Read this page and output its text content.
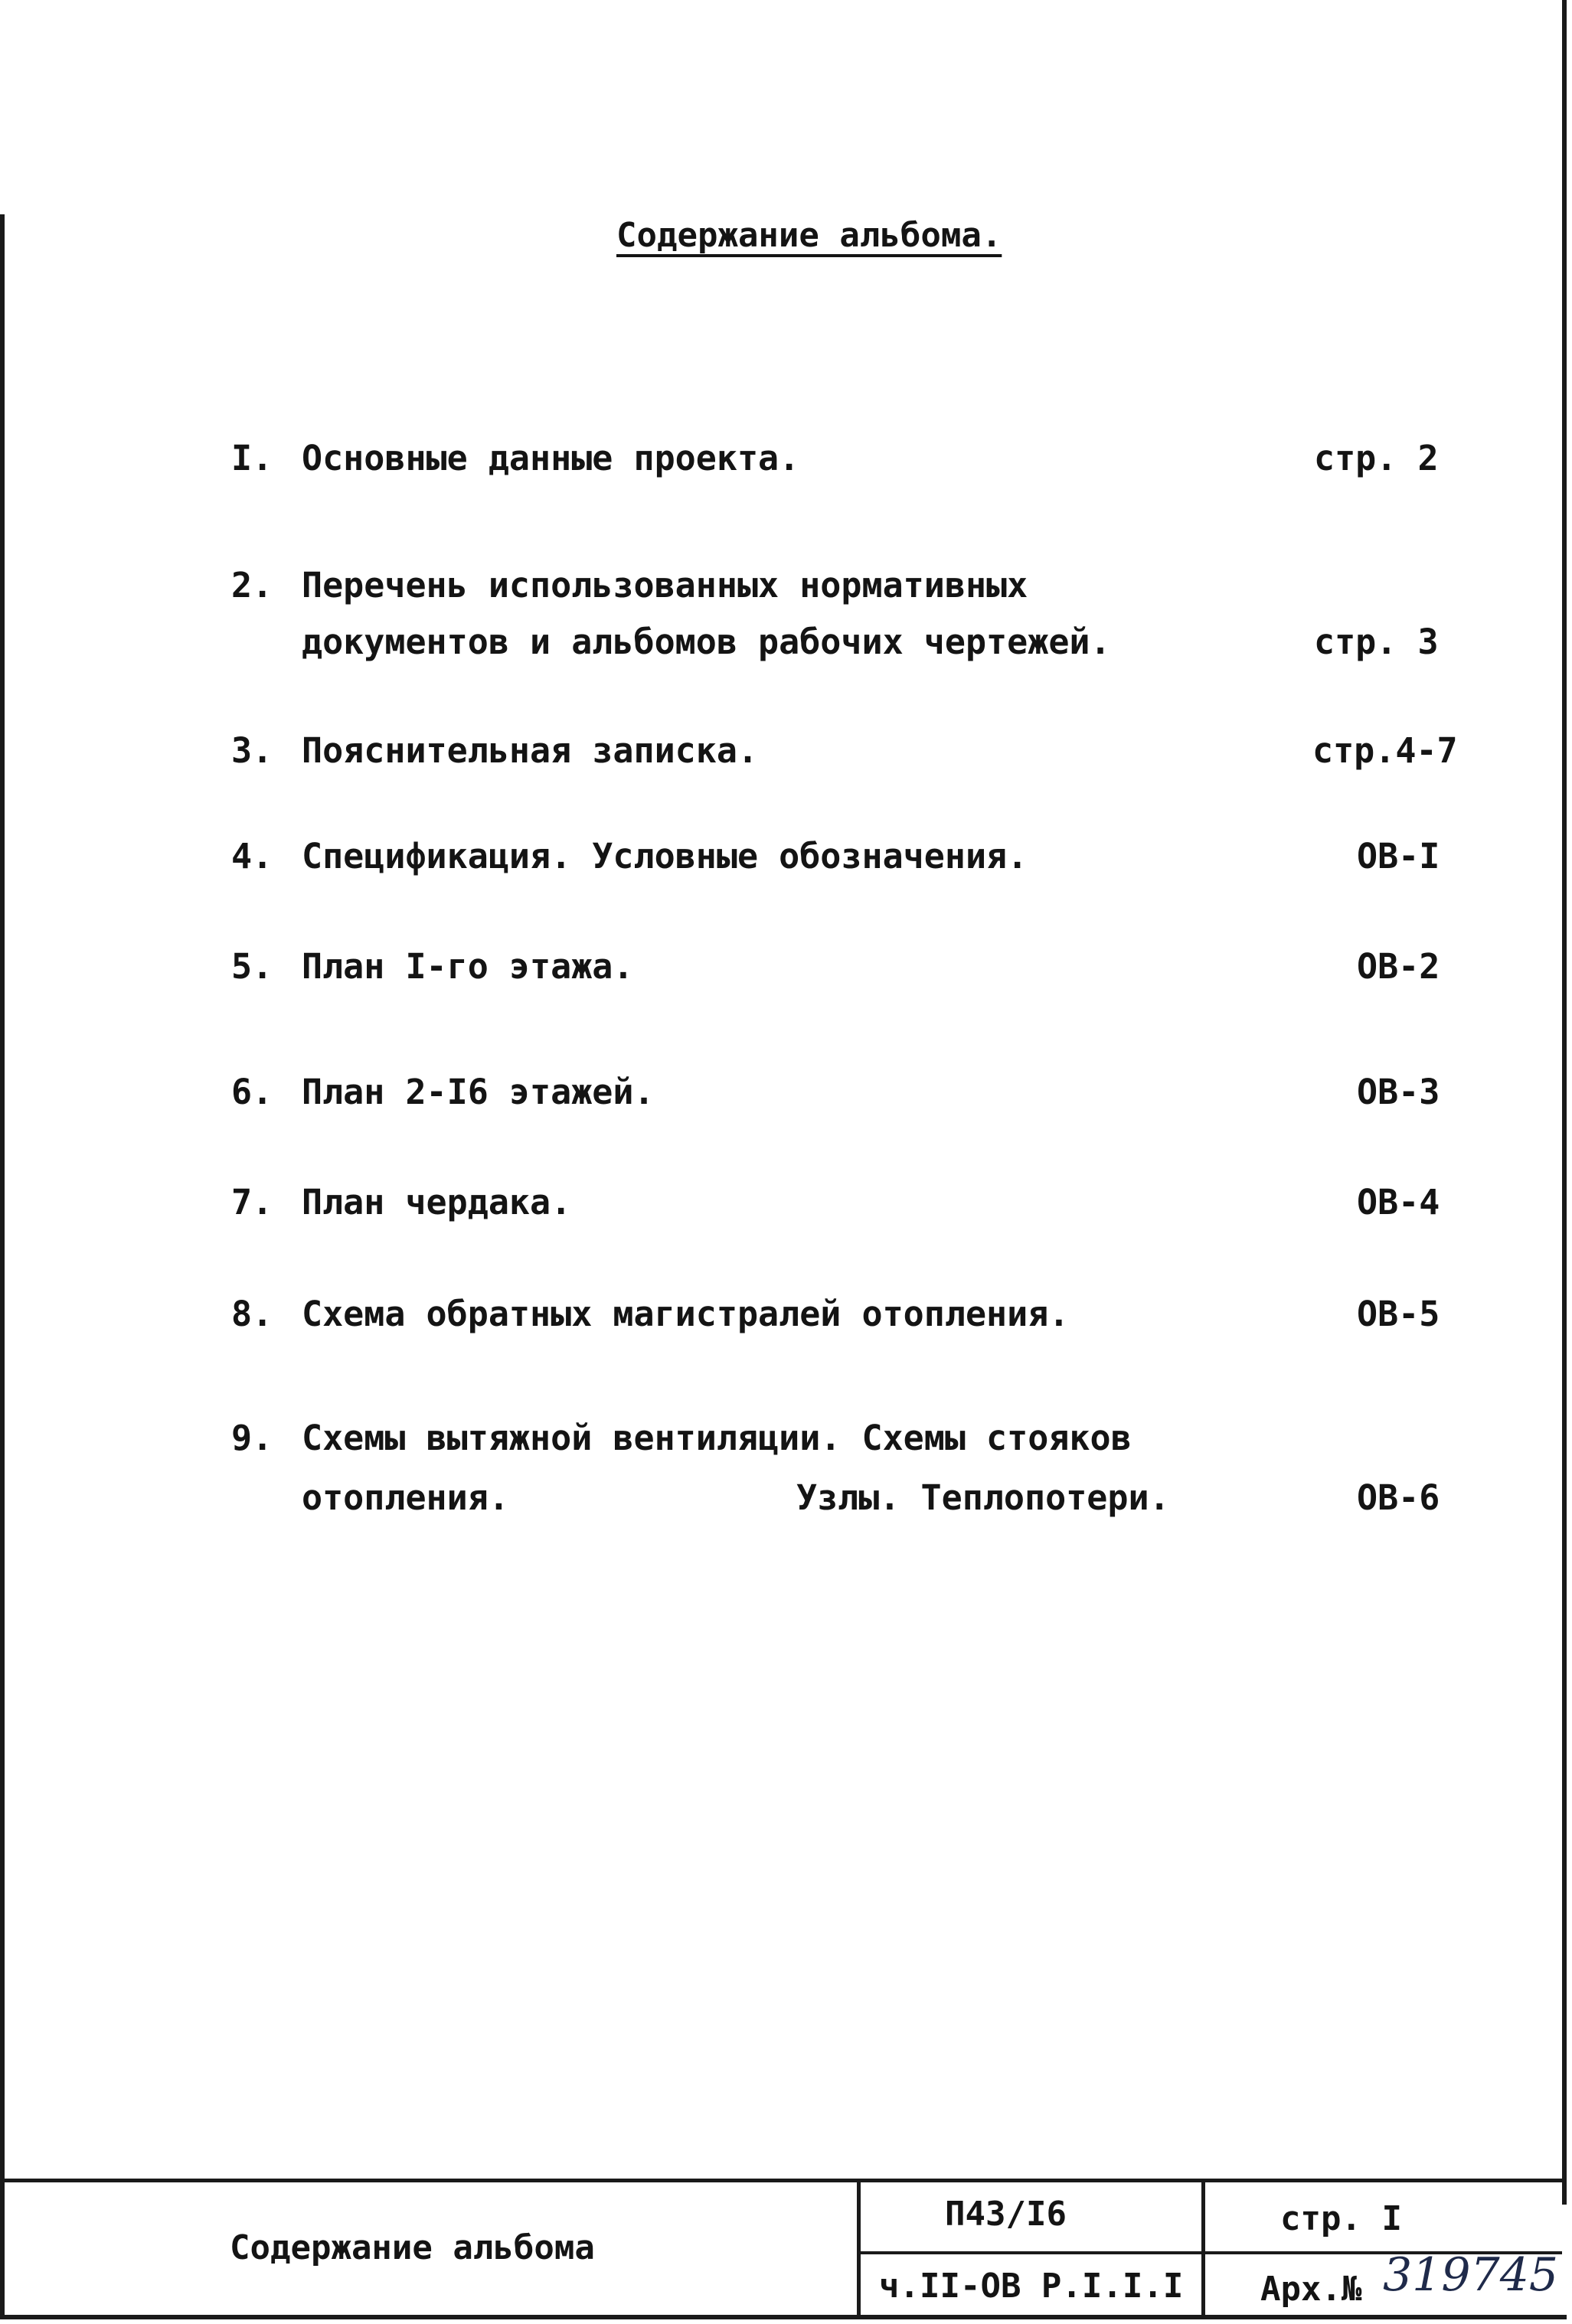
Содержание альбома.
I. Основные данные проекта.	стр. 2
2. Перечень использованных нормативных
документов и альбомов рабочих чертежей.	стр. 3
3. Пояснительная записка.	стр.4-7
4. Спецификация. Условные обозначения.	ОВ-I
5. План I-го этажа.	ОВ-2
6. План 2-I6 этажей.	ОВ-3
7. План чердака.	ОВ-4
8. Схема обратных магистралей отопления.	ОВ-5
9. Схемы вытяжной вентиляции. Схемы стояков
отопления.	Узлы. Теплопотери.	ОВ-6
Содержание альбома
П43/I6
ч.II-ОВ Р.I.I.I
стр. I
Арх.№ 319745
